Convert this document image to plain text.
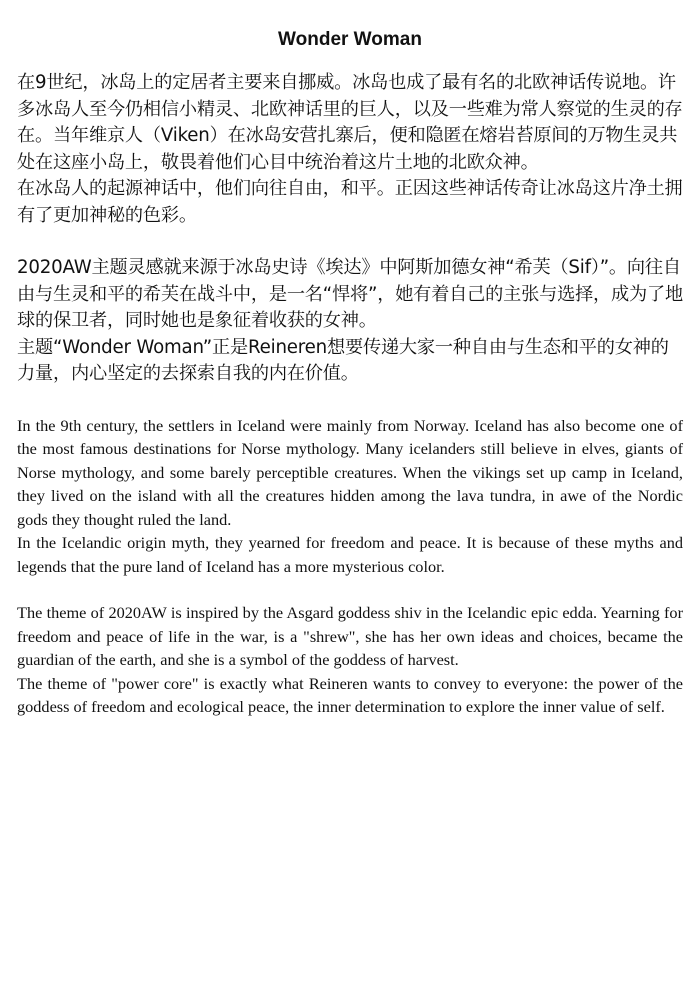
Wonder Woman

在9世纪，冰岛上的定居者主要来自挪威。冰岛也成了最有名的北欧神话传说地。许多冰岛人至今仍相信小精灵、北欧神话里的巨人，以及一些难为常人察觉的生灵的存在。当年维京人（Viken）在冰岛安营扎寨后，便和隐匿在熔岩苔原间的万物生灵共处在这座小岛上，敬畏着他们心目中统治着这片土地的北欧众神。

在冰岛人的起源神话中，他们向往自由，和平。正因这些神话传奇让冰岛这片净土拥有了更加神秘的色彩。

2020AW主题灵感就来源于冰岛史诗《埃达》中阿斯加德女神“希芙（Sif）”。向往自由与生灵和平的希芙在战斗中，是一名“悍将”，她有着自己的主张与选择，成为了地球的保卫者，同时她也是象征着收获的女神。

主题“Wonder Woman”正是Reineren想要传递大家一种自由与生态和平的女神的力量，内心坚定的去探索自我的内在价值。

In the 9th century, the settlers in Iceland were mainly from Norway. Iceland has also become one of the most famous destinations for Norse mythology. Many icelanders still believe in elves, giants of Norse mythology, and some barely perceptible creatures. When the vikings set up camp in Iceland, they lived on the island with all the creatures hidden among the lava tundra, in awe of the Nordic gods they thought ruled the land.

In the Icelandic origin myth, they yearned for freedom and peace. It is because of these myths and legends that the pure land of Iceland has a more mysterious color.

The theme of 2020AW is inspired by the Asgard goddess shiv in the Icelandic epic edda. Yearning for freedom and peace of life in the war, is a "shrew", she has her own ideas and choices, became the guardian of the earth, and she is a symbol of the goddess of harvest.

The theme of "power core" is exactly what Reineren wants to convey to everyone: the power of the goddess of freedom and ecological peace, the inner determination to explore the inner value of self.
